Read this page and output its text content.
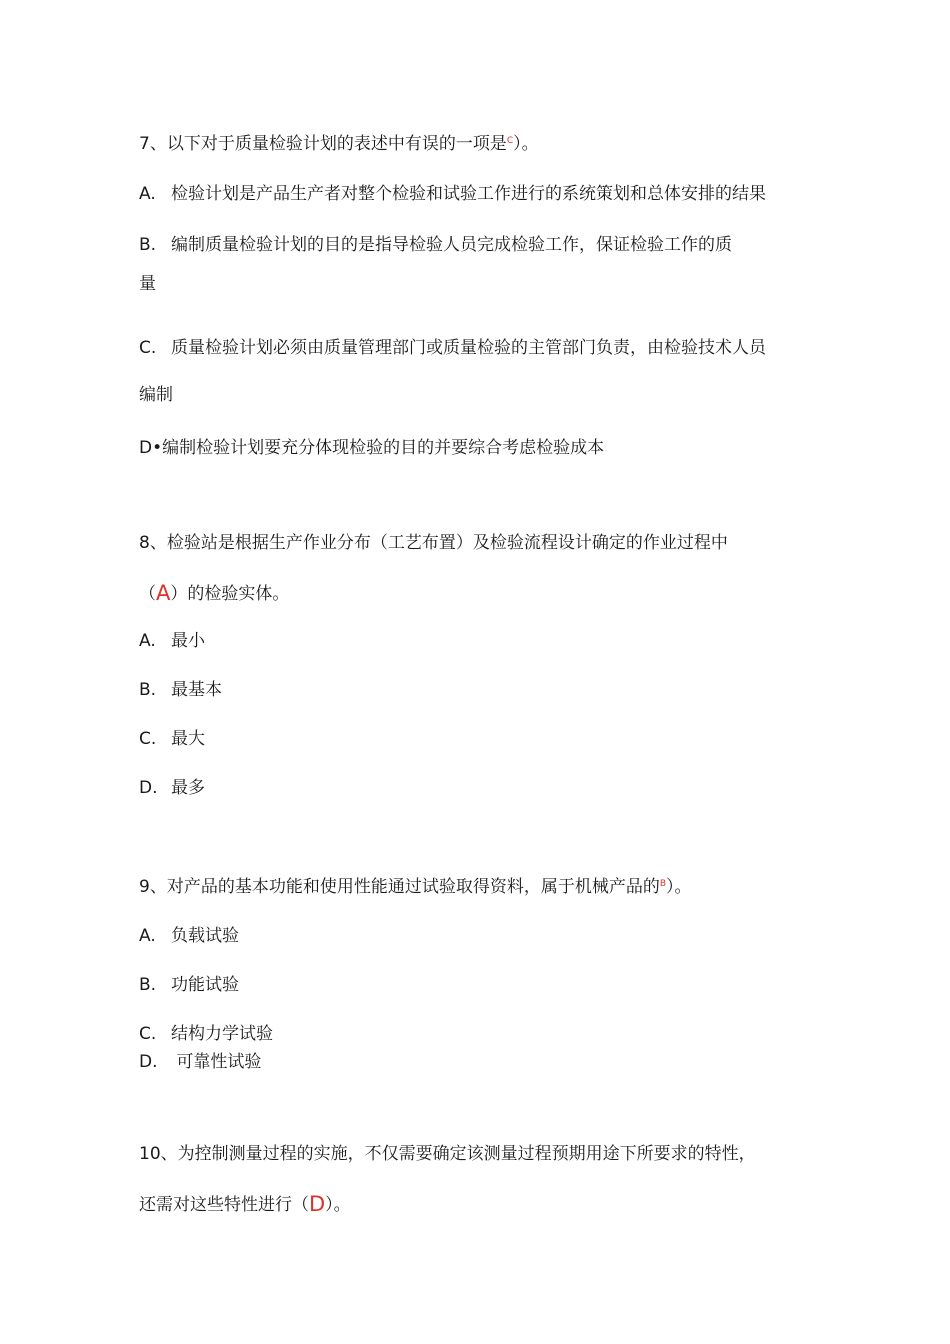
7、以下对于质量检验计划的表述中有误的一项是$^C$）。
A. 检验计划是产品生产者对整个检验和试验工作进行的系统策划和总体安排的结果
B. 编制质量检验计划的目的是指导检验人员完成检验工作，保证检验工作的质
量
C. 质量检验计划必须由质量管理部门或质量检验的主管部门负责，由检验技术人员
编制
D•编制检验计划要充分体现检验的目的并要综合考虑检验成本
8、检验站是根据生产作业分布（工艺布置）及检验流程设计确定的作业过程中
（A）的检验实体。
A. 最小
B. 最基本
C. 最大
D. 最多
9、对产品的基本功能和使用性能通过试验取得资料，属于机械产品的$^B$）。
A. 负载试验
B. 功能试验
C. 结构力学试验
D. 可靠性试验
10、为控制测量过程的实施，不仅需要确定该测量过程预期用途下所要求的特性，
还需对这些特性进行（D）。
